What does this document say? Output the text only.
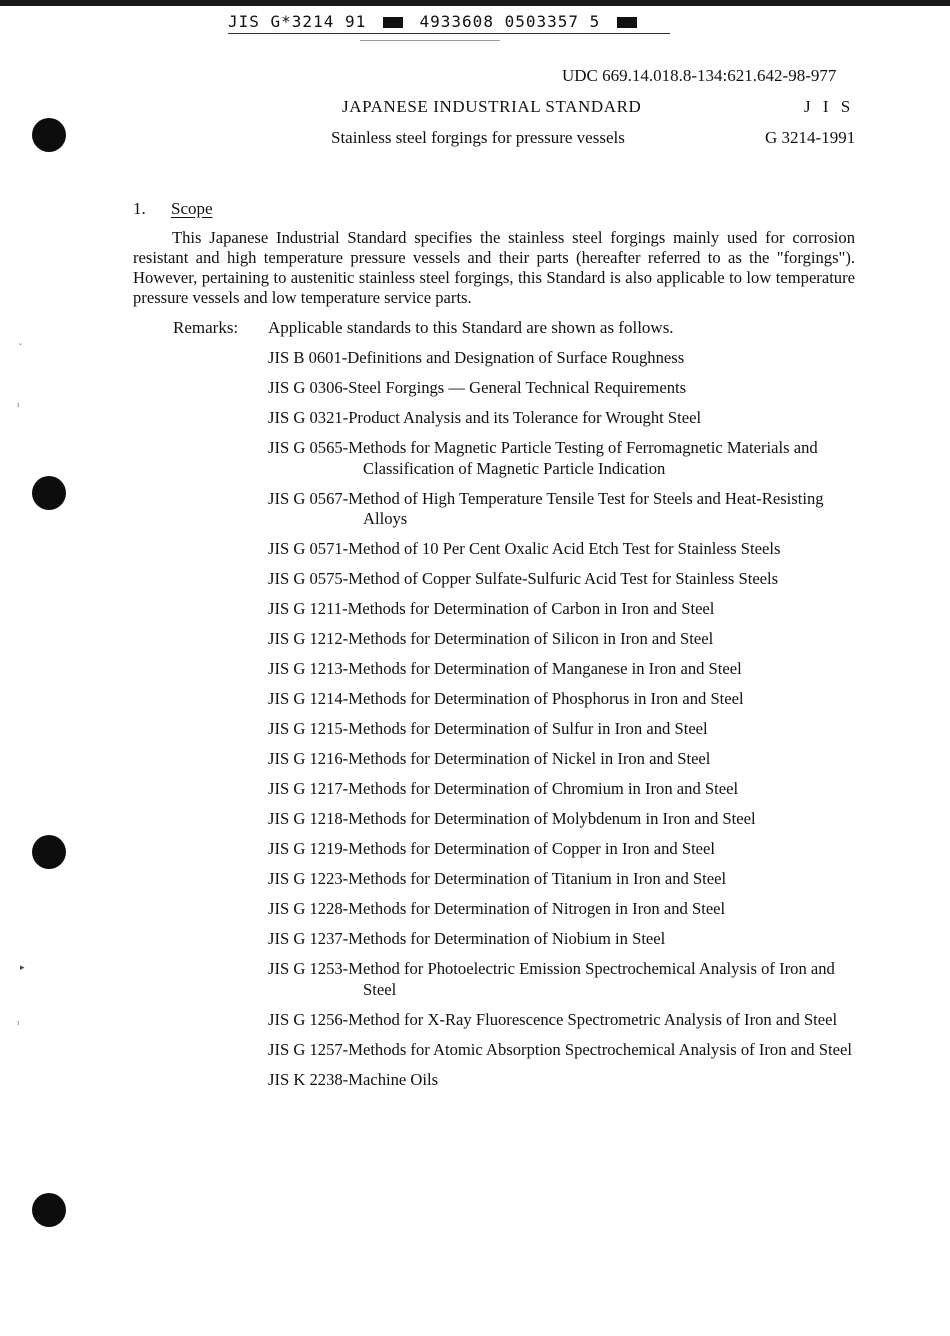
JIS G*3214 91	4933608 0503357 5
˘
ˀ
▸
ˀ
UDC 669.14.018.8-134:621.642-98-977
JAPANESE INDUSTRIAL STANDARD	J I S
Stainless steel forgings for pressure vessels	G 3214-1991
1. Scope
This Japanese Industrial Standard specifies the stainless steel forgings mainly used for corrosion resistant and high temperature pressure vessels and their parts (hereafter referred to as the "forgings"). However, pertaining to austenitic stainless steel forgings, this Standard is also applicable to low temperature pressure vessels and low temperature service parts.
Remarks: Applicable standards to this Standard are shown as follows.
JIS B 0601-Definitions and Designation of Surface Roughness
JIS G 0306-Steel Forgings — General Technical Requirements
JIS G 0321-Product Analysis and its Tolerance for Wrought Steel
JIS G 0565-Methods for Magnetic Particle Testing of Ferromagnetic Materials and Classification of Magnetic Particle Indication
JIS G 0567-Method of High Temperature Tensile Test for Steels and Heat-Resisting Alloys
JIS G 0571-Method of 10 Per Cent Oxalic Acid Etch Test for Stainless Steels
JIS G 0575-Method of Copper Sulfate-Sulfuric Acid Test for Stainless Steels
JIS G 1211-Methods for Determination of Carbon in Iron and Steel
JIS G 1212-Methods for Determination of Silicon in Iron and Steel
JIS G 1213-Methods for Determination of Manganese in Iron and Steel
JIS G 1214-Methods for Determination of Phosphorus in Iron and Steel
JIS G 1215-Methods for Determination of Sulfur in Iron and Steel
JIS G 1216-Methods for Determination of Nickel in Iron and Steel
JIS G 1217-Methods for Determination of Chromium in Iron and Steel
JIS G 1218-Methods for Determination of Molybdenum in Iron and Steel
JIS G 1219-Methods for Determination of Copper in Iron and Steel
JIS G 1223-Methods for Determination of Titanium in Iron and Steel
JIS G 1228-Methods for Determination of Nitrogen in Iron and Steel
JIS G 1237-Methods for Determination of Niobium in Steel
JIS G 1253-Method for Photoelectric Emission Spectrochemical Analysis of Iron and Steel
JIS G 1256-Method for X-Ray Fluorescence Spectrometric Analysis of Iron and Steel
JIS G 1257-Methods for Atomic Absorption Spectrochemical Analysis of Iron and Steel
JIS K 2238-Machine Oils
